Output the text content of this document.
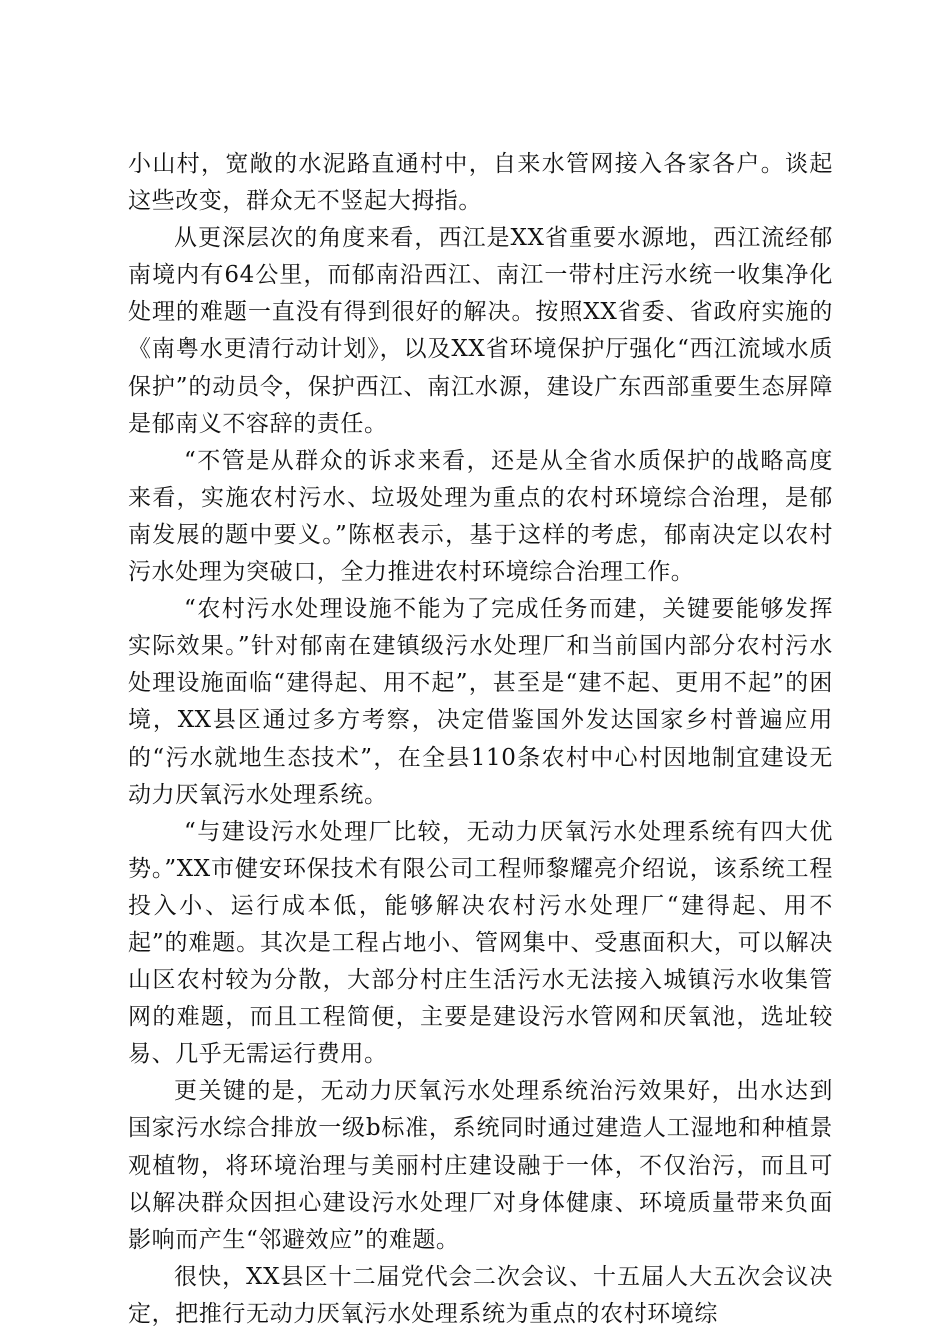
小山村，宽敞的水泥路直通村中，自来水管网接入各家各户。谈起这些改变，群众无不竖起大拇指。

从更深层次的角度来看，西江是XX省重要水源地，西江流经郁南境内有64公里，而郁南沿西江、南江一带村庄污水统一收集净化处理的难题一直没有得到很好的解决。按照XX省委、省政府实施的《南粤水更清行动计划》，以及XX省环境保护厅强化“西江流域水质保护”的动员令，保护西江、南江水源，建设广东西部重要生态屏障是郁南义不容辞的责任。

“不管是从群众的诉求来看，还是从全省水质保护的战略高度来看，实施农村污水、垃圾处理为重点的农村环境综合治理，是郁南发展的题中要义。”陈枢表示，基于这样的考虑，郁南决定以农村污水处理为突破口，全力推进农村环境综合治理工作。

“农村污水处理设施不能为了完成任务而建，关键要能够发挥实际效果。”针对郁南在建镇级污水处理厂和当前国内部分农村污水处理设施面临“建得起、用不起”，甚至是“建不起、更用不起”的困境，XX县区通过多方考察，决定借鉴国外发达国家乡村普遍应用的“污水就地生态技术”，在全县110条农村中心村因地制宜建设无动力厌氧污水处理系统。

“与建设污水处理厂比较，无动力厌氧污水处理系统有四大优势。”XX市健安环保技术有限公司工程师黎耀亮介绍说，该系统工程投入小、运行成本低，能够解决农村污水处理厂“建得起、用不起”的难题。其次是工程占地小、管网集中、受惠面积大，可以解决山区农村较为分散，大部分村庄生活污水无法接入城镇污水收集管网的难题，而且工程简便，主要是建设污水管网和厌氧池，选址较易、几乎无需运行费用。

更关键的是，无动力厌氧污水处理系统治污效果好，出水达到国家污水综合排放一级b标准，系统同时通过建造人工湿地和种植景观植物，将环境治理与美丽村庄建设融于一体，不仅治污，而且可以解决群众因担心建设污水处理厂对身体健康、环境质量带来负面影响而产生“邻避效应”的难题。

很快，XX县区十二届党代会二次会议、十五届人大五次会议决定，把推行无动力厌氧污水处理系统为重点的农村环境综
